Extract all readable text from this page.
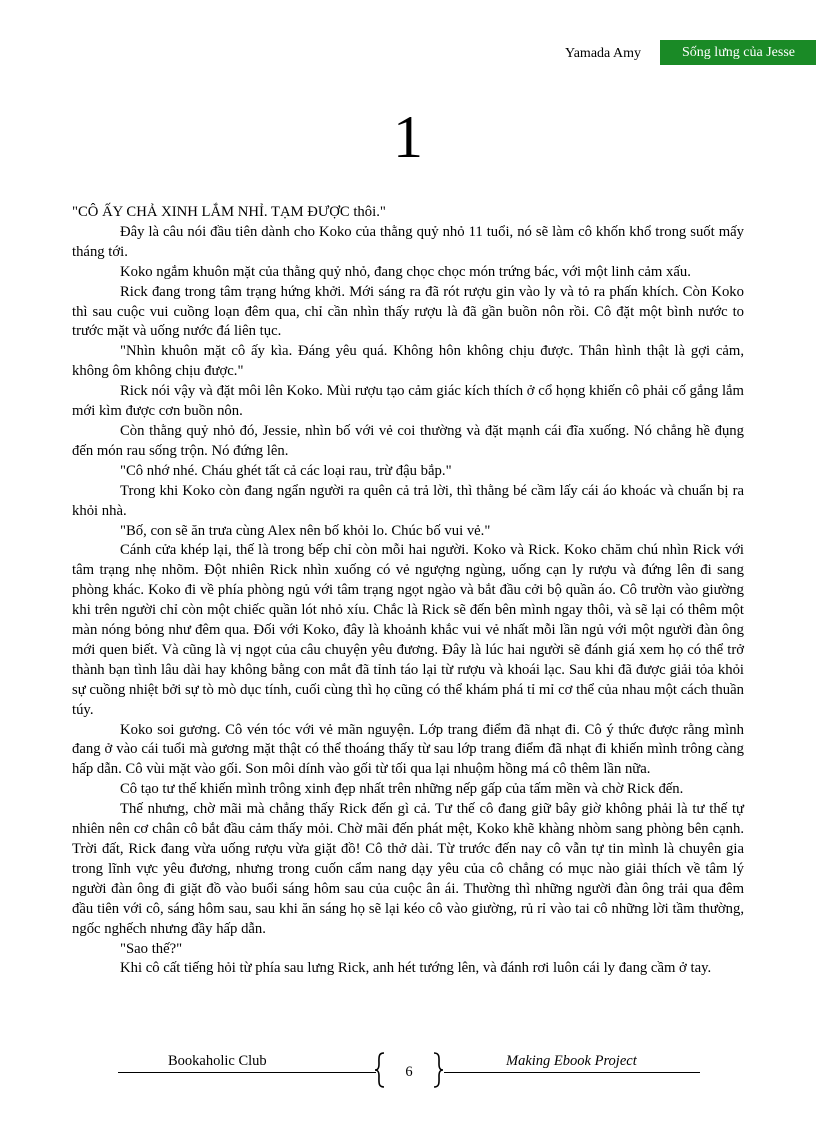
Yamada Amy	Sống lưng của Jesse
1

"CÔ ẤY CHẢ XINH LẮM NHỈ. TẠM ĐƯỢC thôi."

Đây là câu nói đầu tiên dành cho Koko của thằng quỷ nhỏ 11 tuổi, nó sẽ làm cô khốn khổ trong suốt mấy tháng tới.

Koko ngắm khuôn mặt của thằng quỷ nhỏ, đang chọc chọc món trứng bác, với một linh cảm xấu.

Rick đang trong tâm trạng hứng khởi. Mới sáng ra đã rót rượu gin vào ly và tỏ ra phấn khích. Còn Koko thì sau cuộc vui cuồng loạn đêm qua, chỉ cần nhìn thấy rượu là đã gần buồn nôn rồi. Cô đặt một bình nước to trước mặt và uống nước đá liên tục.

"Nhìn khuôn mặt cô ấy kìa. Đáng yêu quá. Không hôn không chịu được. Thân hình thật là gợi cảm, không ôm không chịu được."

Rick nói vậy và đặt môi lên Koko. Mùi rượu tạo cảm giác kích thích ở cổ họng khiến cô phải cố gắng lắm mới kìm được cơn buồn nôn.

Còn thằng quỷ nhỏ đó, Jessie, nhìn bố với vẻ coi thường và đặt mạnh cái đĩa xuống. Nó chẳng hề đụng đến món rau sống trộn. Nó đứng lên.

"Cô nhớ nhé. Cháu ghét tất cả các loại rau, trừ đậu bắp."

Trong khi Koko còn đang ngẩn người ra quên cả trả lời, thì thằng bé cầm lấy cái áo khoác và chuẩn bị ra khỏi nhà.

"Bố, con sẽ ăn trưa cùng Alex nên bố khỏi lo. Chúc bố vui vẻ."

Cánh cửa khép lại, thế là trong bếp chỉ còn mỗi hai người. Koko và Rick. Koko chăm chú nhìn Rick với tâm trạng nhẹ nhõm. Đột nhiên Rick nhìn xuống có vẻ ngượng ngùng, uống cạn ly rượu và đứng lên đi sang phòng khác. Koko đi về phía phòng ngủ với tâm trạng ngọt ngào và bắt đầu cởi bộ quần áo. Cô trườn vào giường khi trên người chỉ còn một chiếc quần lót nhỏ xíu. Chắc là Rick sẽ đến bên mình ngay thôi, và sẽ lại có thêm một màn nóng bỏng như đêm qua. Đối với Koko, đây là khoảnh khắc vui vẻ nhất mỗi lần ngủ với một người đàn ông mới quen biết. Và cũng là vị ngọt của câu chuyện yêu đương. Đây là lúc hai người sẽ đánh giá xem họ có thể trở thành bạn tình lâu dài hay không bằng con mắt đã tỉnh táo lại từ rượu và khoái lạc. Sau khi đã được giải tỏa khỏi sự cuồng nhiệt bởi sự tò mò dục tính, cuối cùng thì họ cũng có thể khám phá tỉ mỉ cơ thể của nhau một cách thuần túy.

Koko soi gương. Cô vén tóc với vẻ mãn nguyện. Lớp trang điểm đã nhạt đi. Cô ý thức được rằng mình đang ở vào cái tuổi mà gương mặt thật có thể thoáng thấy từ sau lớp trang điểm đã nhạt đi khiến mình trông càng hấp dẫn. Cô vùi mặt vào gối. Son môi dính vào gối từ tối qua lại nhuộm hồng má cô thêm lần nữa.

Cô tạo tư thế khiến mình trông xinh đẹp nhất trên những nếp gấp của tấm mền và chờ Rick đến.

Thế nhưng, chờ mãi mà chẳng thấy Rick đến gì cả. Tư thế cô đang giữ bây giờ không phải là tư thế tự nhiên nên cơ chân cô bắt đầu cảm thấy mỏi. Chờ mãi đến phát mệt, Koko khẽ khàng nhòm sang phòng bên cạnh. Trời đất, Rick đang vừa uống rượu vừa giặt đồ! Cô thở dài. Từ trước đến nay cô vẫn tự tin mình là chuyên gia trong lĩnh vực yêu đương, nhưng trong cuốn cẩm nang dạy yêu của cô chẳng có mục nào giải thích về tâm lý người đàn ông đi giặt đồ vào buổi sáng hôm sau của cuộc ân ái. Thường thì những người đàn ông trải qua đêm đầu tiên với cô, sáng hôm sau, sau khi ăn sáng họ sẽ lại kéo cô vào giường, rủ rỉ vào tai cô những lời tầm thường, ngốc nghếch nhưng đầy hấp dẫn.

"Sao thế?"

Khi cô cất tiếng hỏi từ phía sau lưng Rick, anh hét tướng lên, và đánh rơi luôn cái ly đang cầm ở tay.

Bookaholic Club
6
Making Ebook Project
